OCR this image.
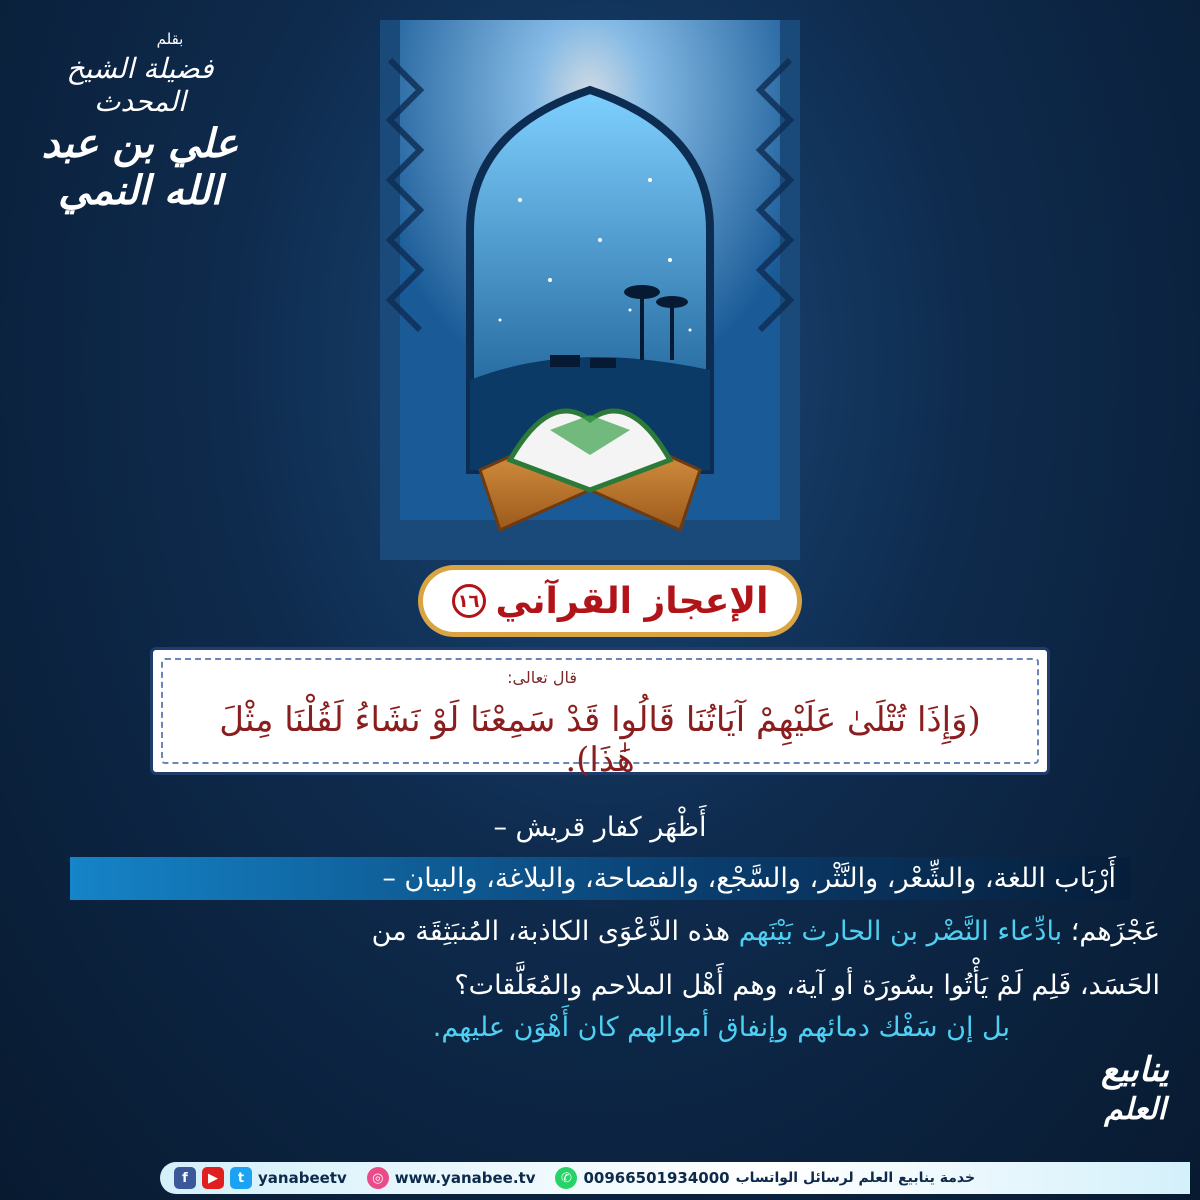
بقلم
فضيلة الشيخ المحدث
علي بن عبد الله النمي
الإعجاز القرآني
١٦
قال تعالى:
(وَإِذَا تُتْلَىٰ عَلَيْهِمْ آيَاتُنَا قَالُوا قَدْ سَمِعْنَا لَوْ نَشَاءُ لَقُلْنَا مِثْلَ هَٰذَا).
أَظْهَر كفار قريش –
أَرْبَاب اللغة، والشِّعْر، والنَّثْر، والسَّجْع، والفصاحة، والبلاغة، والبيان –
عَجْزَهم؛ بادِّعاء النَّضْر بن الحارث بَيْنَهم هذه الدَّعْوَى الكاذبة، المُنبَثِقَة من
الحَسَد، فَلِم لَمْ يَأْتُوا بسُورَة أو آية، وهم أَهْل الملاحم والمُعَلَّقات؟
بل إن سَفْك دمائهم وإنفاق أموالهم كان أَهْوَن عليهم.
ينابيع
العلم
f	▶	t yanabeetv	◎ www.yanabee.tv	✆ 00966501934000 خدمة ينابيع العلم لرسائل الواتساب
